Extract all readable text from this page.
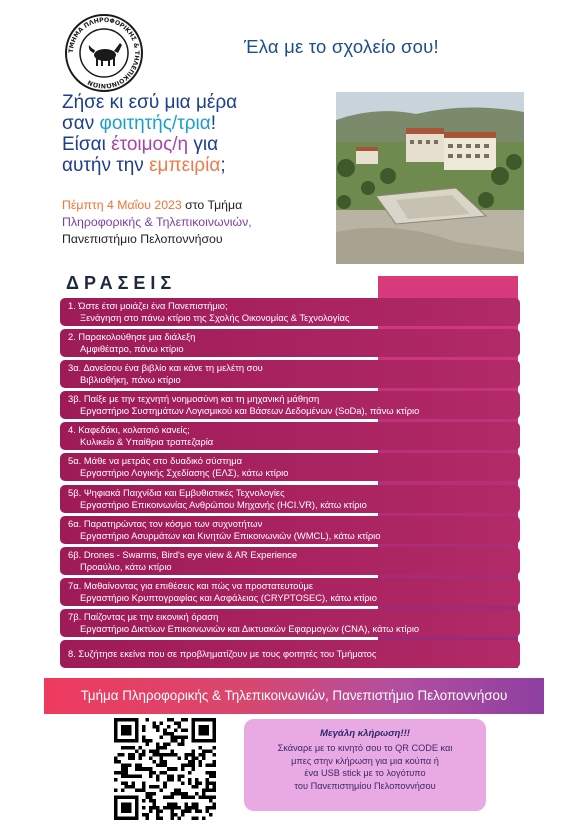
ΤΜΗΜΑ ΠΛΗΡΟΦΟΡΙΚΗΣ & ΤΗΛΕΠΙΚΟΙΝΩΝΙΩΝ
Έλα με το σχολείο σου!
Ζήσε κι εσύ μια μέρα
σαν φοιτητής/τρια!
Είσαι έτοιμος/η για
αυτήν την εμπειρία;
Πέμπτη 4 Μαΐου 2023 στο Τμήμα
Πληροφορικής & Τηλεπικοινωνιών,
Πανεπιστήμιο Πελοποννήσου
ΔΡΑΣΕΙΣ
1. Ώστε έτσι μοιάζει ένα Πανεπιστήμιο;
Ξενάγηση στο πάνω κτίριο της Σχολής Οικονομίας & Τεχνολογίας
2. Παρακολούθησε μια διάλεξη
Αμφιθέατρο, πάνω κτίριο
3α. Δανείσου ένα βιβλίο και κάνε τη μελέτη σου
Βιβλιοθήκη, πάνω κτίριο
3β. Παίξε με την τεχνητή νοημοσύνη και τη μηχανική μάθηση
Εργαστήριο Συστημάτων Λογισμικού και Βάσεων Δεδομένων (SoDa), πάνω κτίριο
4. Καφεδάκι, κολατσιό κανείς;
Κυλικείο & Υπαίθρια τραπεζαρία
5α. Μάθε να μετράς στο δυαδικό σύστημα
Εργαστήριο Λογικής Σχεδίασης (ΕΛΣ), κάτω κτίριο
5β. Ψηφιακά Παιχνίδια και Εμβυθιστικές Τεχνολογίες
Εργαστήριο Επικοινωνίας Ανθρώπου Μηχανής (HCI.VR), κάτω κτίριο
6α. Παρατηρώντας τον κόσμο των συχνοτήτων
Εργαστήριο Ασυρμάτων και Κινητών Επικοινωνιών (WMCL), κάτω κτίριο
6β. Drones - Swarms, Bird's eye view & AR Experience
Προαύλιο, κάτω κτίριο
7α. Μαθαίνοντας για επιθέσεις και πώς να προστατευτούμε
Εργαστήριο Κρυπτογραφίας και Ασφάλειας (CRYPTOSEC), κάτω κτίριο
7β. Παίζοντας με την εικονική όραση
Εργαστήριο Δικτύων Επικοινωνιών και Δικτυακών Εφαρμογών (CNA), κάτω κτίριο
8. Συζήτησε εκείνα που σε προβληματίζουν με τους φοιτητές του Τμήματος
Τμήμα Πληροφορικής & Τηλεπικοινωνιών, Πανεπιστήμιο Πελοποννήσου
Μεγάλη κλήρωση!!!
Σκάναρε με το κινητό σου το QR CODE και
μπες στην κλήρωση για μια κούπα ή
ένα USB stick με το λογότυπο
του Πανεπιστημίου Πελοποννήσου
